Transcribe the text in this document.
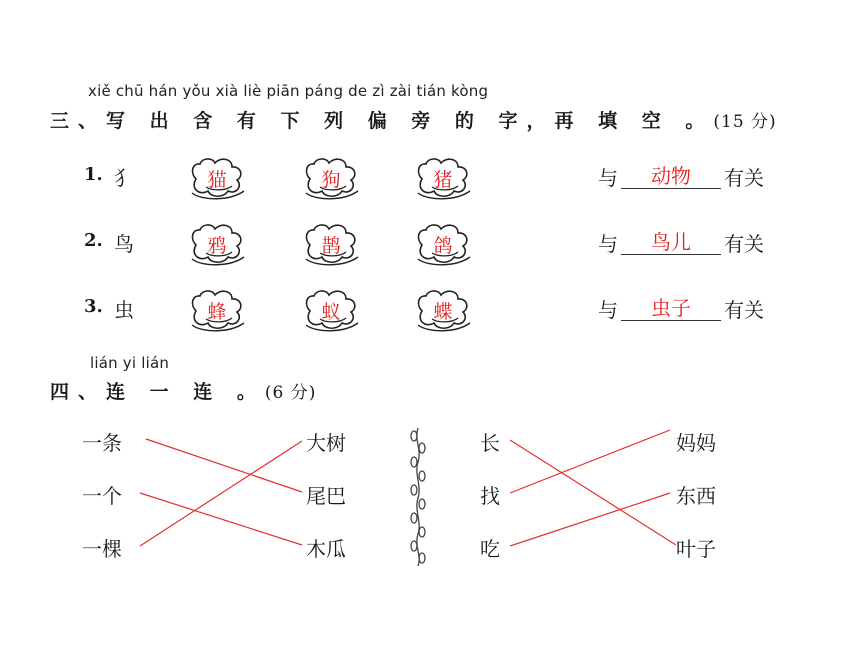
xiě chū hán yǒu xià liè piān páng de zì zài tián kòng
三、写 出 含 有 下 列 偏 旁 的 字，再 填 空 。(15 分)
1. 犭	猫	狗	猪	与	动物	有关
2. 鸟	鸦	鹊	鸽	与	鸟儿	有关
3. 虫	蜂	蚁	蝶	与	虫子	有关
lián yi lián
四、连 一 连 。(6 分)
一条
一个
一棵
大树
尾巴
木瓜
长
找
吃
妈妈
东西
叶子
